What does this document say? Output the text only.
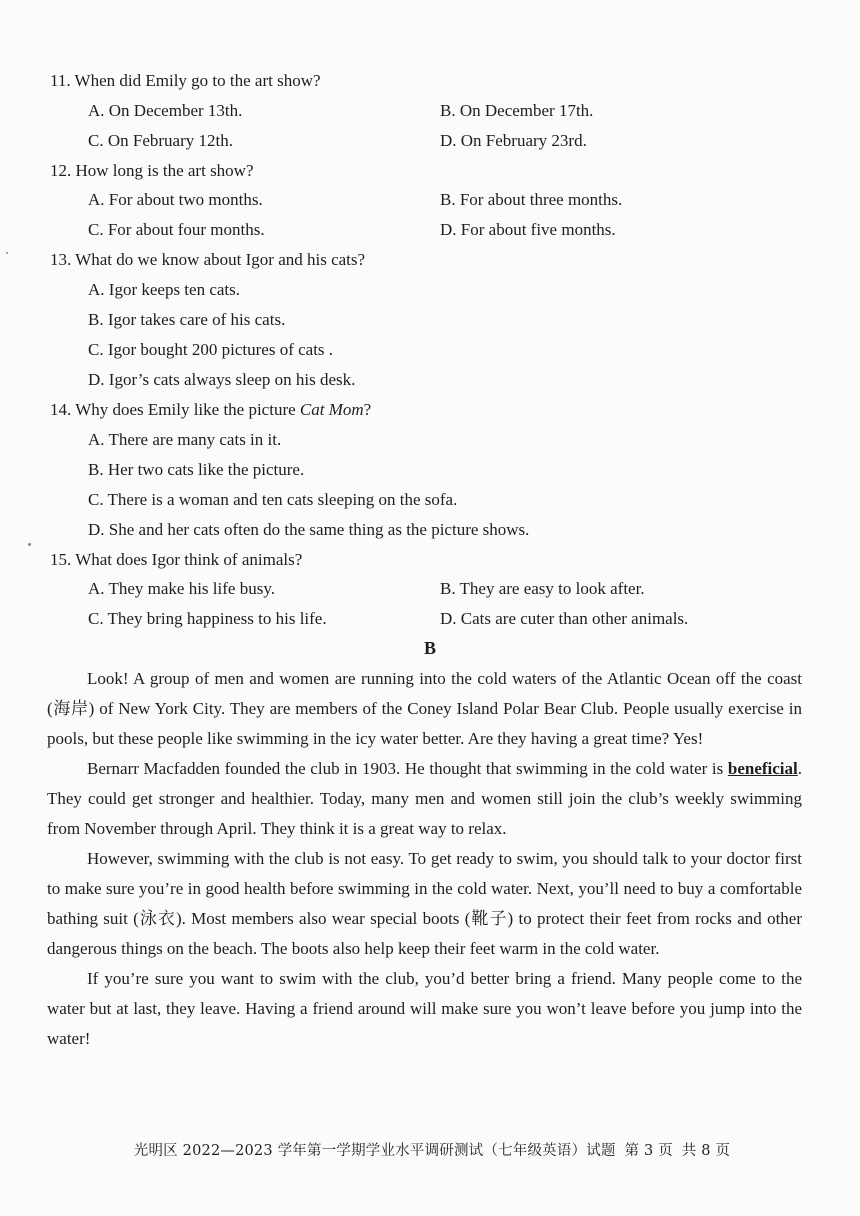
11. When did Emily go to the art show?
A. On December 13th.	B. On December 17th.
C. On February 12th.	D. On February 23rd.
12. How long is the art show?
A. For about two months.	B. For about three months.
C. For about four months.	D. For about five months.
13. What do we know about Igor and his cats?
A. Igor keeps ten cats.
B. Igor takes care of his cats.
C. Igor bought 200 pictures of cats .
D. Igor’s cats always sleep on his desk.
14. Why does Emily like the picture Cat Mom?
A. There are many cats in it.
B. Her two cats like the picture.
C. There is a woman and ten cats sleeping on the sofa.
D. She and her cats often do the same thing as the picture shows.
15. What does Igor think of animals?
A. They make his life busy.	B. They are easy to look after.
C. They bring happiness to his life.	D. Cats are cuter than other animals.
B

Look! A group of men and women are running into the cold waters of the Atlantic Ocean off the coast (海岸) of New York City. They are members of the Coney Island Polar Bear Club. People usually exercise in pools, but these people like swimming in the icy water better. Are they having a great time? Yes!

Bernarr Macfadden founded the club in 1903. He thought that swimming in the cold water is beneficial. They could get stronger and healthier. Today, many men and women still join the club’s weekly swimming from November through April. They think it is a great way to relax.

However, swimming with the club is not easy. To get ready to swim, you should talk to your doctor first to make sure you’re in good health before swimming in the cold water. Next, you’ll need to buy a comfortable bathing suit (泳衣). Most members also wear special boots (靴子) to protect their feet from rocks and other dangerous things on the beach. The boots also help keep their feet warm in the cold water.

If you’re sure you want to swim with the club, you’d better bring a friend. Many people come to the water but at last, they leave. Having a friend around will make sure you won’t leave before you jump into the water!

光明区 2022—2023 学年第一学期学业水平调研测试（七年级英语）试题 第 3 页 共 8 页
